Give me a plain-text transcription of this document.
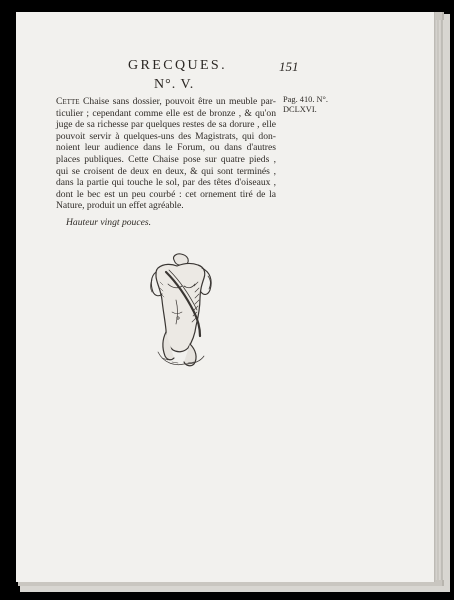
GRECQUES.	151
N°. V.
Cette Chaise sans dossier, pouvoit être un meuble par-
ticulier ; cependant comme elle est de bronze , & qu'on
juge de sa richesse par quelques restes de sa dorure , elle
pouvoit servir à quelques-uns des Magistrats, qui don-
noient leur audience dans le Forum, ou dans d'autres
places publiques. Cette Chaise pose sur quatre pieds ,
qui se croisent de deux en deux, & qui sont terminés ,
dans la partie qui touche le sol, par des têtes d'oiseaux ,
dont le bec est un peu courbé : cet ornement tiré de la
Nature, produit un effet agréable.
Hauteur vingt pouces.
Pag. 410. N°.
DCLXVI.
